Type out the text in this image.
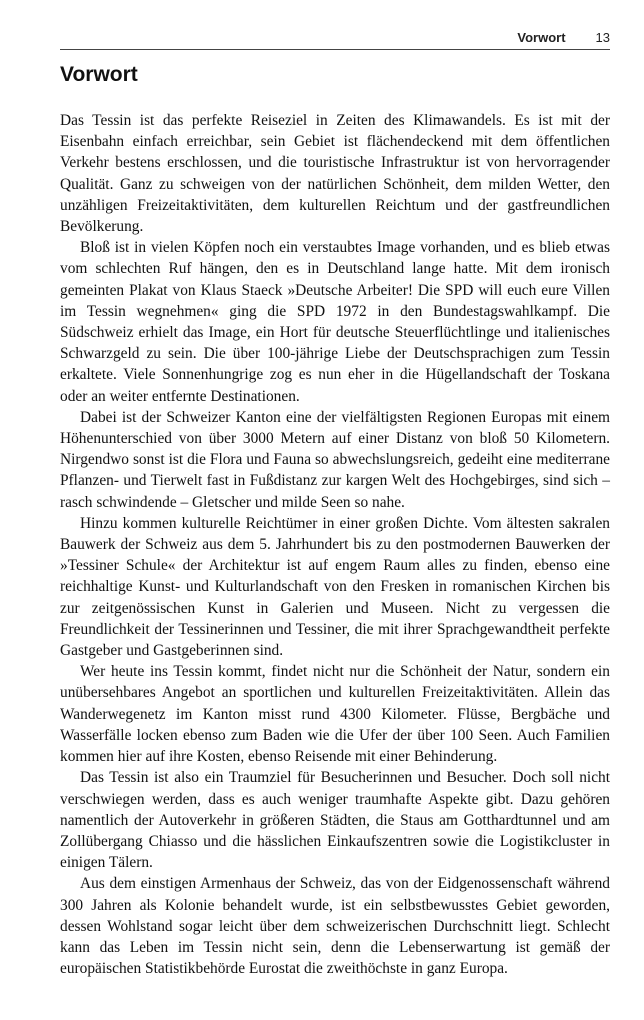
Vorwort 13
Vorwort

Das Tessin ist das perfekte Reiseziel in Zeiten des Klimawandels. Es ist mit der Eisenbahn einfach erreichbar, sein Gebiet ist flächendeckend mit dem öffentlichen Verkehr bestens erschlossen, und die touristische Infrastruktur ist von hervorragender Qualität. Ganz zu schweigen von der natürlichen Schönheit, dem milden Wetter, den unzähligen Freizeitaktivitäten, dem kulturellen Reichtum und der gastfreundlichen Bevölkerung.

Bloß ist in vielen Köpfen noch ein verstaubtes Image vorhanden, und es blieb etwas vom schlechten Ruf hängen, den es in Deutschland lange hatte. Mit dem ironisch gemeinten Plakat von Klaus Staeck »Deutsche Arbeiter! Die SPD will euch eure Villen im Tessin wegnehmen« ging die SPD 1972 in den Bundestagswahlkampf. Die Südschweiz erhielt das Image, ein Hort für deutsche Steuerflüchtlinge und italienisches Schwarzgeld zu sein. Die über 100-jährige Liebe der Deutschsprachigen zum Tessin erkaltete. Viele Sonnenhungrige zog es nun eher in die Hügellandschaft der Toskana oder an weiter entfernte Destinationen.

Dabei ist der Schweizer Kanton eine der vielfältigsten Regionen Europas mit einem Höhenunterschied von über 3000 Metern auf einer Distanz von bloß 50 Kilometern. Nirgendwo sonst ist die Flora und Fauna so abwechslungsreich, gedeiht eine mediterrane Pflanzen- und Tierwelt fast in Fußdistanz zur kargen Welt des Hochgebirges, sind sich – rasch schwindende – Gletscher und milde Seen so nahe.

Hinzu kommen kulturelle Reichtümer in einer großen Dichte. Vom ältesten sakralen Bauwerk der Schweiz aus dem 5. Jahrhundert bis zu den postmodernen Bauwerken der »Tessiner Schule« der Architektur ist auf engem Raum alles zu finden, ebenso eine reichhaltige Kunst- und Kulturlandschaft von den Fresken in romanischen Kirchen bis zur zeitgenössischen Kunst in Galerien und Museen. Nicht zu vergessen die Freundlichkeit der Tessinerinnen und Tessiner, die mit ihrer Sprachgewandtheit perfekte Gastgeber und Gastgeberinnen sind.

Wer heute ins Tessin kommt, findet nicht nur die Schönheit der Natur, sondern ein unübersehbares Angebot an sportlichen und kulturellen Freizeitaktivitäten. Allein das Wanderwegenetz im Kanton misst rund 4300 Kilometer. Flüsse, Bergbäche und Wasserfälle locken ebenso zum Baden wie die Ufer der über 100 Seen. Auch Familien kommen hier auf ihre Kosten, ebenso Reisende mit einer Behinderung.

Das Tessin ist also ein Traumziel für Besucherinnen und Besucher. Doch soll nicht verschwiegen werden, dass es auch weniger traumhafte Aspekte gibt. Dazu gehören namentlich der Autoverkehr in größeren Städten, die Staus am Gotthardtunnel und am Zollübergang Chiasso und die hässlichen Einkaufszentren sowie die Logistikcluster in einigen Tälern.

Aus dem einstigen Armenhaus der Schweiz, das von der Eidgenossenschaft während 300 Jahren als Kolonie behandelt wurde, ist ein selbstbewusstes Gebiet geworden, dessen Wohlstand sogar leicht über dem schweizerischen Durchschnitt liegt. Schlecht kann das Leben im Tessin nicht sein, denn die Lebenserwartung ist gemäß der europäischen Statistikbehörde Eurostat die zweithöchste in ganz Europa.
